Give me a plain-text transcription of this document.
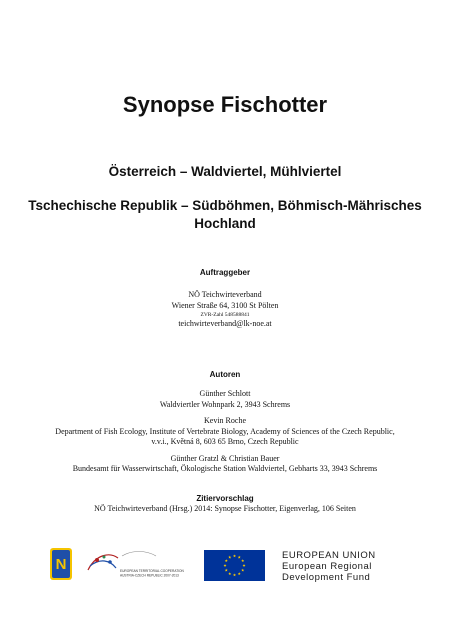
Synopse Fischotter
Österreich – Waldviertel, Mühlviertel
Tschechische Republik – Südböhmen, Böhmisch-Mährisches Hochland
Auftraggeber
NÖ Teichwirteverband
Wiener Straße 64, 3100 St Pölten
ZVR-Zahl 548588841
teichwirteverband@lk-noe.at
Autoren
Günther Schlott
Waldviertler Wohnpark 2, 3943 Schrems
Kevin Roche
Department of Fish Ecology, Institute of Vertebrate Biology, Academy of Sciences of the Czech Republic, v.v.i., Květná 8, 603 65 Brno, Czech Republic
Günther Gratzl & Christian Bauer
Bundesamt für Wasserwirtschaft, Ökologische Station Waldviertel, Gebharts 33, 3943 Schrems
Zitiervorschlag
NÖ Teichwirteverband (Hrsg.) 2014: Synopse Fischotter, Eigenverlag, 106 Seiten
N	EUROPEAN TERRITORIAL COOPERATION
AUSTRIA-CZECH REPUBLIC 2007-2013
EUROPEAN UNION
European Regional
Development Fund
